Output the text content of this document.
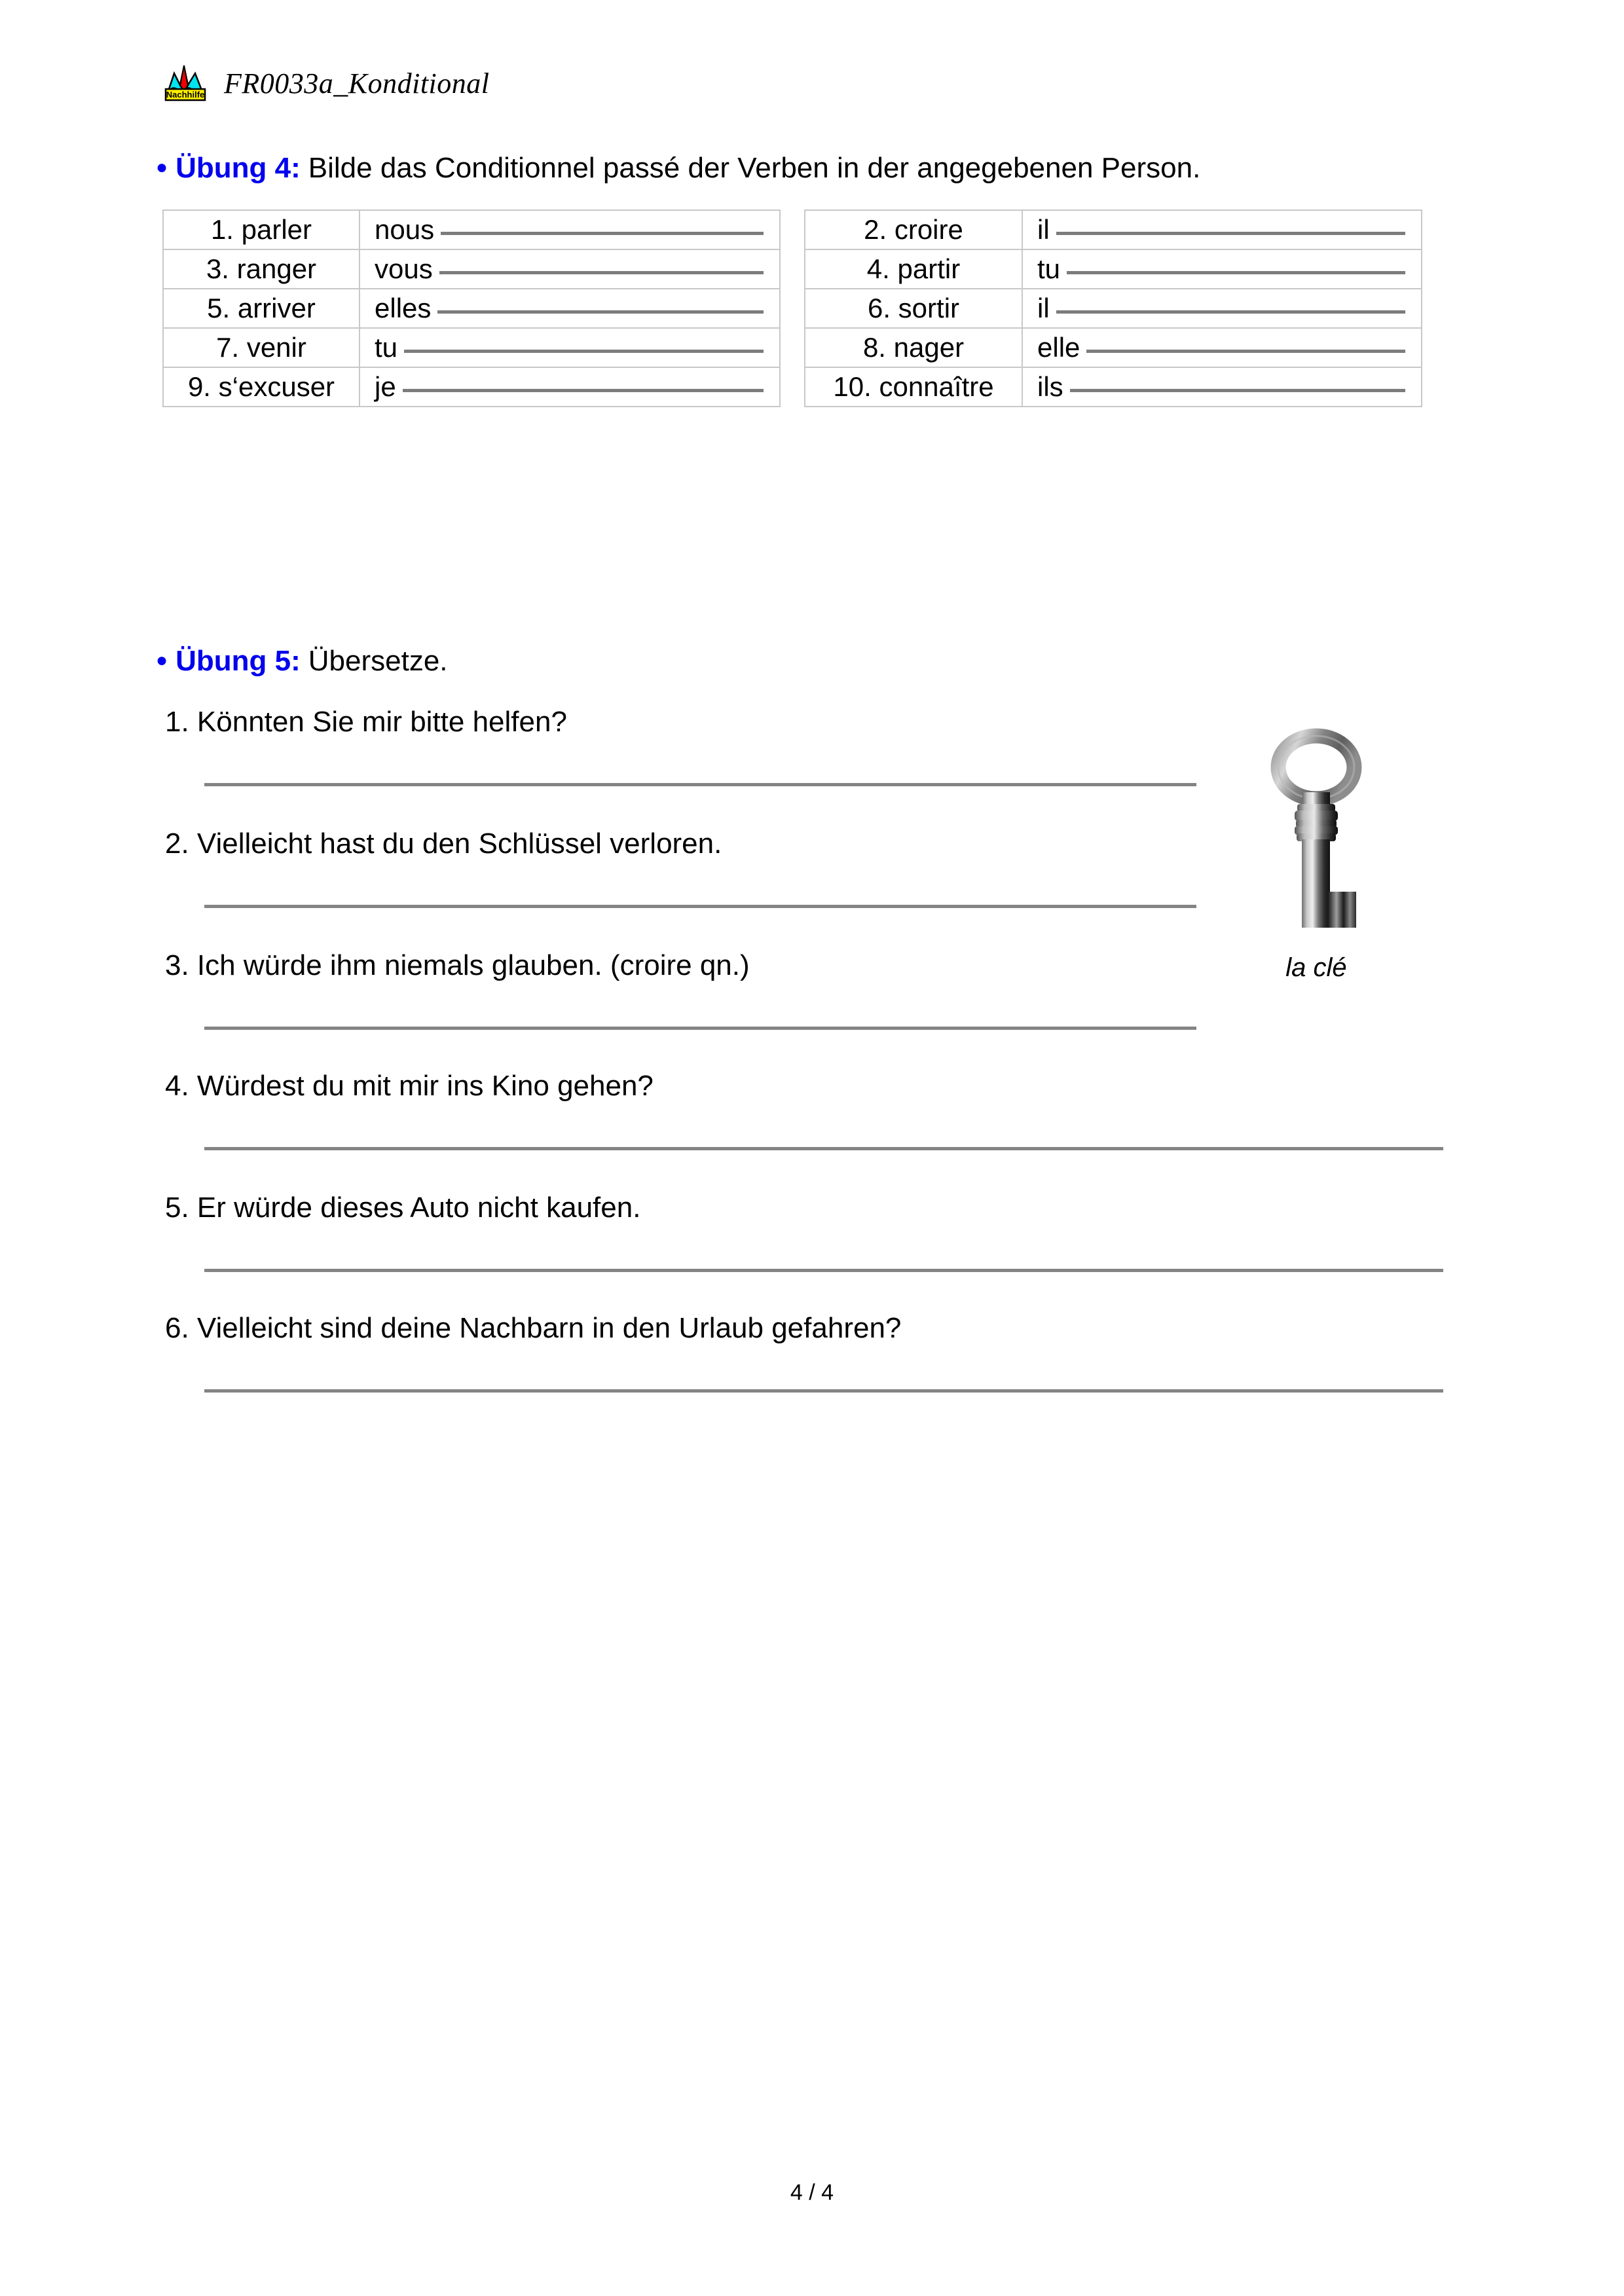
Nachhilfe FR0033a_Konditional
● Übung 4: Bilde das Conditionnel passé der Verben in der angegebenen Person.
1. parler	nous

3. ranger	vous

5. arriver	elles

7. venir	tu

9. s‘excuser	je
2. croire	il

4. partir	tu

6. sortir	il

8. nager	elle

10. connaître	ils
● Übung 5: Übersetze.
1. Könnten Sie mir bitte helfen?
2. Vielleicht hast du den Schlüssel verloren.
3. Ich würde ihm niemals glauben. (croire qn.)
4. Würdest du mit mir ins Kino gehen?
5. Er würde dieses Auto nicht kaufen.
6. Vielleicht sind deine Nachbarn in den Urlaub gefahren?
la clé
4 / 4
